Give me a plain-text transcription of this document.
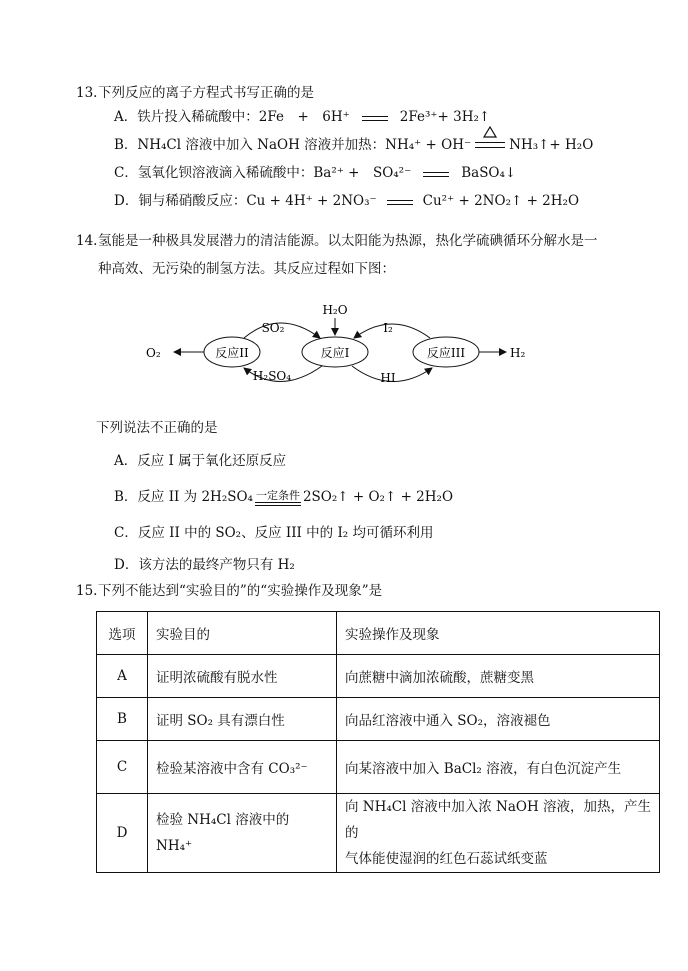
13.下列反应的离子方程式书写正确的是
A．铁片投入稀硫酸中：2Fe　+　6H⁺	2Fe³⁺+ 3H₂↑
B．NH₄Cl 溶液中加入 NaOH 溶液并加热：NH₄⁺ + OH⁻	NH₃↑+ H₂O
C．氢氧化钡溶液滴入稀硫酸中：Ba²⁺ +　SO₄²⁻	BaSO₄↓
D．铜与稀硝酸反应：Cu + 4H⁺ + 2NO₃⁻	Cu²⁺ + 2NO₂↑ + 2H₂O
14.氢能是一种极具发展潜力的清洁能源。以太阳能为热源，热化学硫碘循环分解水是一
种高效、无污染的制氢方法。其反应过程如下图：
O₂	反应II	反应I	反应III	H₂
H₂O
SO₂
H₂SO₄
I₂
HI
下列说法不正确的是
A．反应 I 属于氧化还原反应
B．反应 II 为 2H₂SO₄ 一定条件 2SO₂↑ + O₂↑ + 2H₂O
C．反应 II 中的 SO₂、反应 III 中的 I₂ 均可循环利用
D．该方法的最终产物只有 H₂
15.下列不能达到“实验目的”的“实验操作及现象”是
选项	实验目的	实验操作及现象
A	证明浓硫酸有脱水性	向蔗糖中滴加浓硫酸，蔗糖变黑
B	证明 SO₂ 具有漂白性	向品红溶液中通入 SO₂，溶液褪色
C	检验某溶液中含有 CO₃²⁻	向某溶液中加入 BaCl₂ 溶液，有白色沉淀产生
D	检验 NH₄Cl 溶液中的 NH₄⁺	向 NH₄Cl 溶液中加入浓 NaOH 溶液，加热，产生的
气体能使湿润的红色石蕊试纸变蓝
